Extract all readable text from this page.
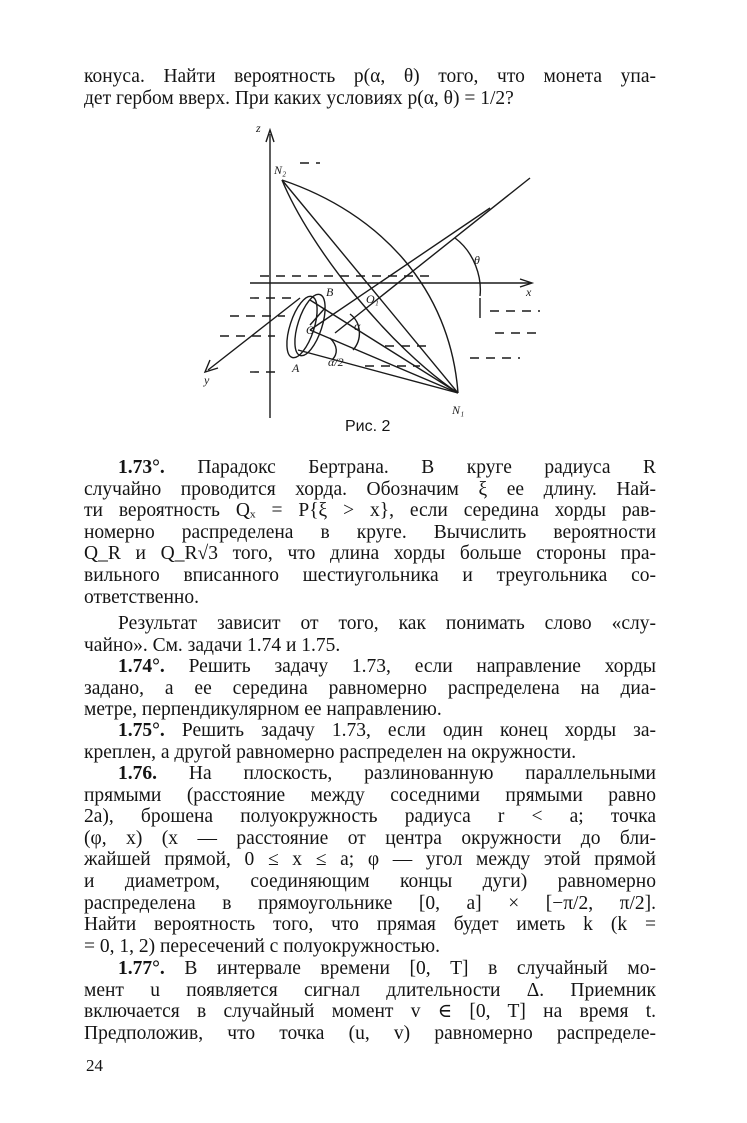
конуса. Найти вероятность p(α, θ) того, что монета упа-
дет гербом вверх. При каких условиях p(α, θ) = 1/2?
z
x
y
N₂
N₁
B
O
O₁
A
α
α/2
θ
Рис. 2
1.73°. Парадокс Бертрана. В круге радиуса R
случайно проводится хорда. Обозначим ξ ее длину. Най-
ти вероятность Qₓ = P{ξ > x}, если середина хорды рав-
номерно распределена в круге. Вычислить вероятности
Q_R и Q_R√3 того, что длина хорды больше стороны пра-
вильного вписанного шестиугольника и треугольника со-
ответственно.
Результат зависит от того, как понимать слово «слу-
чайно». См. задачи 1.74 и 1.75.
1.74°. Решить задачу 1.73, если направление хорды
задано, а ее середина равномерно распределена на диа-
метре, перпендикулярном ее направлению.
1.75°. Решить задачу 1.73, если один конец хорды за-
креплен, а другой равномерно распределен на окружности.
1.76. На плоскость, разлинованную параллельными
прямыми (расстояние между соседними прямыми равно
2a), брошена полуокружность радиуса r < a; точка
(φ, x) (x — расстояние от центра окружности до бли-
жайшей прямой, 0 ≤ x ≤ a; φ — угол между этой прямой
и диаметром, соединяющим концы дуги) равномерно
распределена в прямоугольнике [0, a] × [−π/2, π/2].
Найти вероятность того, что прямая будет иметь k (k =
= 0, 1, 2) пересечений с полуокружностью.
1.77°. В интервале времени [0, T] в случайный мо-
мент u появляется сигнал длительности Δ. Приемник
включается в случайный момент v ∈ [0, T] на время t.
Предположив, что точка (u, v) равномерно распределе-
24
